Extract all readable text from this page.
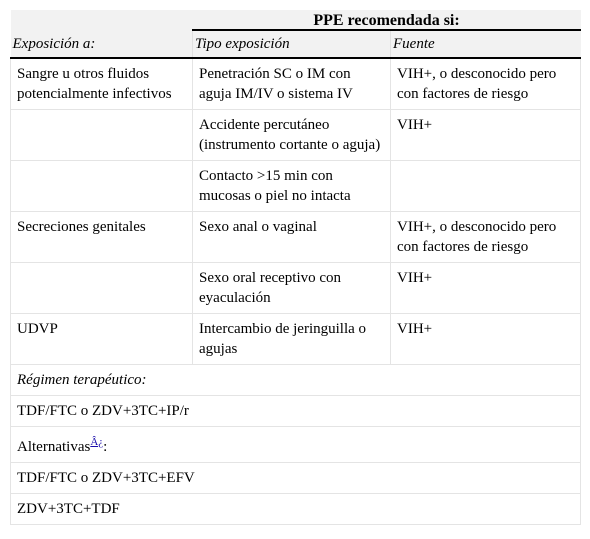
	PPE recomendada si:	
Exposición a:	Tipo exposición	Fuente
Sangre u otros fluidos potencialmente infectivos	Penetración SC o IM con aguja IM/IV o sistema IV	VIH+, o desconocido pero con factores de riesgo
	Accidente percutáneo (instrumento cortante o aguja)	VIH+
	Contacto >15 min con mucosas o piel no intacta	
Secreciones genitales	Sexo anal o vaginal	VIH+, o desconocido pero con factores de riesgo
	Sexo oral receptivo con eyaculación	VIH+
UDVP	Intercambio de jeringuilla o agujas	VIH+
Régimen terapéutico:		
TDF/FTC o ZDV+3TC+IP/r		
Alternativas$^{Â¿}$:		
TDF/FTC o ZDV+3TC+EFV		
ZDV+3TC+TDF		
